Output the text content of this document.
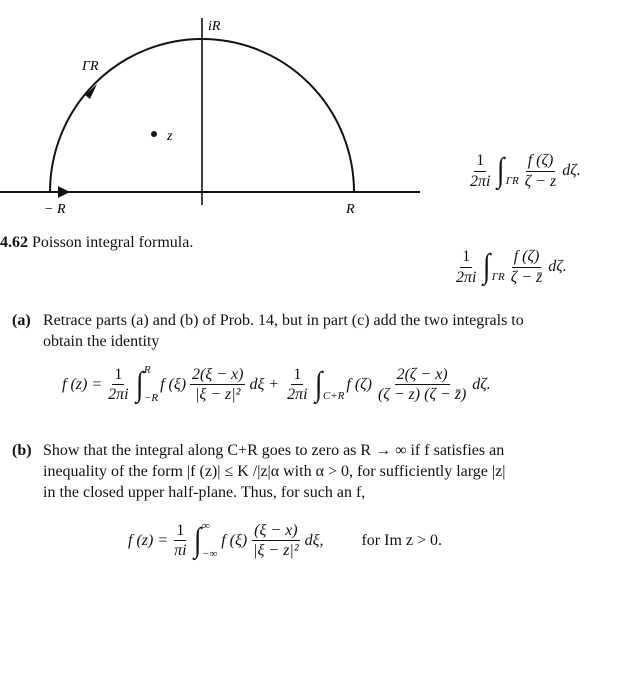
iR
ΓR
z
− R	R
$\frac{1}{2\pi i}$ ∫ ΓR $\frac{f (\zeta)}{\zeta - z} d\zeta$.
4.62 Poisson integral formula.
$\frac{1}{2\pi i}$ ∫ ΓR $\frac{f (\zeta)}{\zeta - z̄} d\zeta$.
(a) Retrace parts (a) and (b) of Prob. 14, but in part (c) add the two integrals to
obtain the identity
f $(z) = \frac{1}{2\pi i}$ ∫ R
−R
f $(\xi) \frac{2(\xi - x)}{\text{|ξ − z|²}}$ $d\xi + \frac{1}{2\pi i}$ ∫ C+R
f $(\zeta) \frac{2(\zeta - x)}{(\zeta - z) (\zeta - z̄)} d\zeta$.
(b) Show that the integral along C+R goes to zero as R → ∞ if f satisfies an
inequality of the form |f (z)| ≤ K /|z|α with α > 0, for sufficiently large |z|
in the closed upper half-plane. Thus, for such an f,
f $(z) = \frac{1}{\pi i}$ ∫ ∞
−∞
f $(\xi) \frac{(\xi - x)}{\text{|ξ − z|²}} d\xi$, for Im z > 0.
